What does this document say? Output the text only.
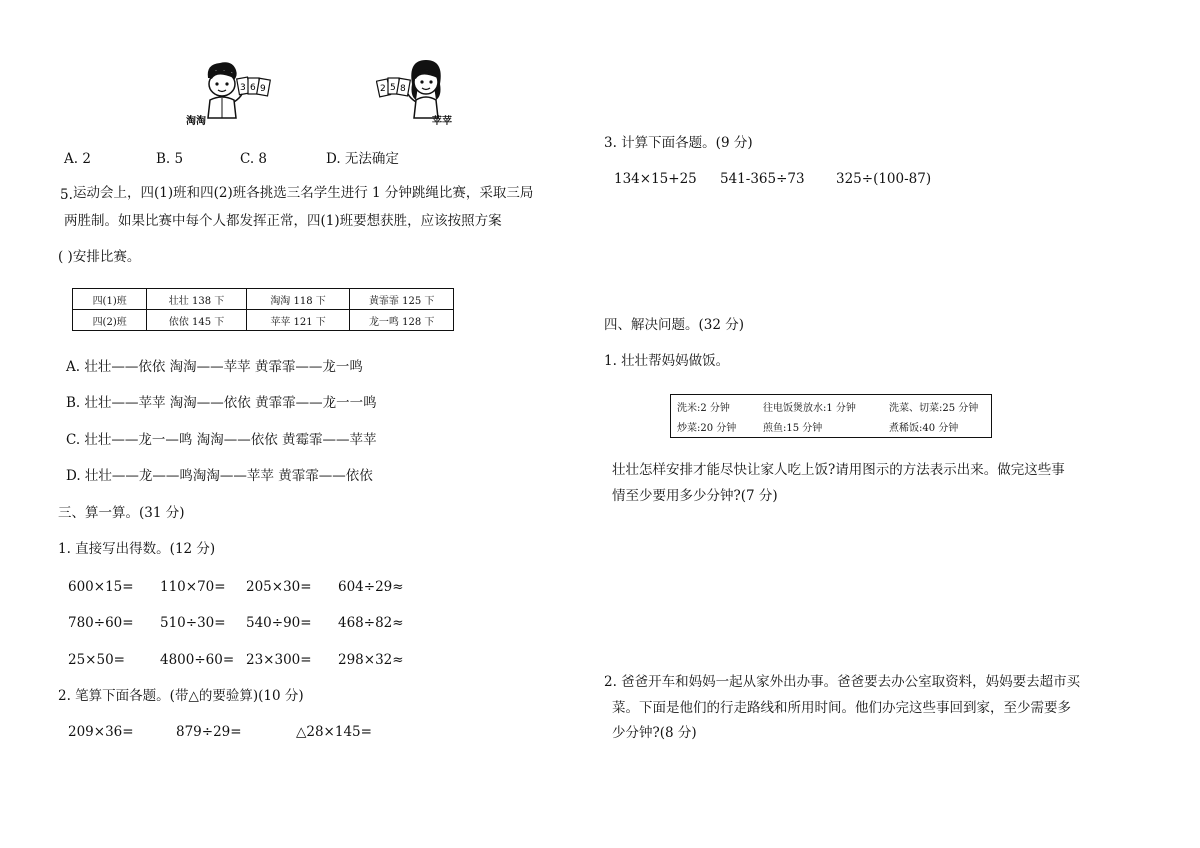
3 6 9
淘淘
2 5 8
苹苹
A. 2	B. 5	C. 8	D. 无法确定
5. 运动会上，四(1)班和四(2)班各挑选三名学生进行 1 分钟跳绳比赛，采取三局
两胜制。如果比赛中每个人都发挥正常，四(1)班要想获胜，应该按照方案
( )安排比赛。
四(1)班	壮壮 138 下	淘淘 118 下	黄霏霏 125 下
四(2)班	依依 145 下	苹苹 121 下	龙一鸣 128 下
A. 壮壮——依依 淘淘——苹苹 黄霏霏——龙一鸣
B. 壮壮——苹苹 淘淘——依依 黄霏霏——龙一一鸣
C. 壮壮——龙一—鸣 淘淘——依依 黄霉霏——苹苹
D. 壮壮——龙——鸣淘淘——苹苹 黄霏霏——依依
三、算一算。(31 分)
1. 直接写出得数。(12 分)
600×15= 110×70= 205×30= 604÷29≈
780÷60= 510÷30= 540÷90= 468÷82≈
25×50=	4800÷60= 23×300= 298×32≈
2. 笔算下面各题。(带△的要验算)(10 分)
209×36=	879÷29=	△28×145=
3. 计算下面各题。(9 分)
134×15+25 541-365÷73 325÷(100-87)
四、解决问题。(32 分)
1. 壮壮帮妈妈做饭。
洗米:2 分钟	往电饭煲放水:1 分钟	洗菜、切菜:25 分钟
炒菜:20 分钟	煎鱼:15 分钟	煮稀饭:40 分钟
壮壮怎样安排才能尽快让家人吃上饭?请用图示的方法表示出来。做完这些事
情至少要用多少分钟?(7 分)
2. 爸爸开车和妈妈一起从家外出办事。爸爸要去办公室取资料，妈妈要去超市买
菜。下面是他们的行走路线和所用时间。他们办完这些事回到家，至少需要多
少分钟?(8 分)
